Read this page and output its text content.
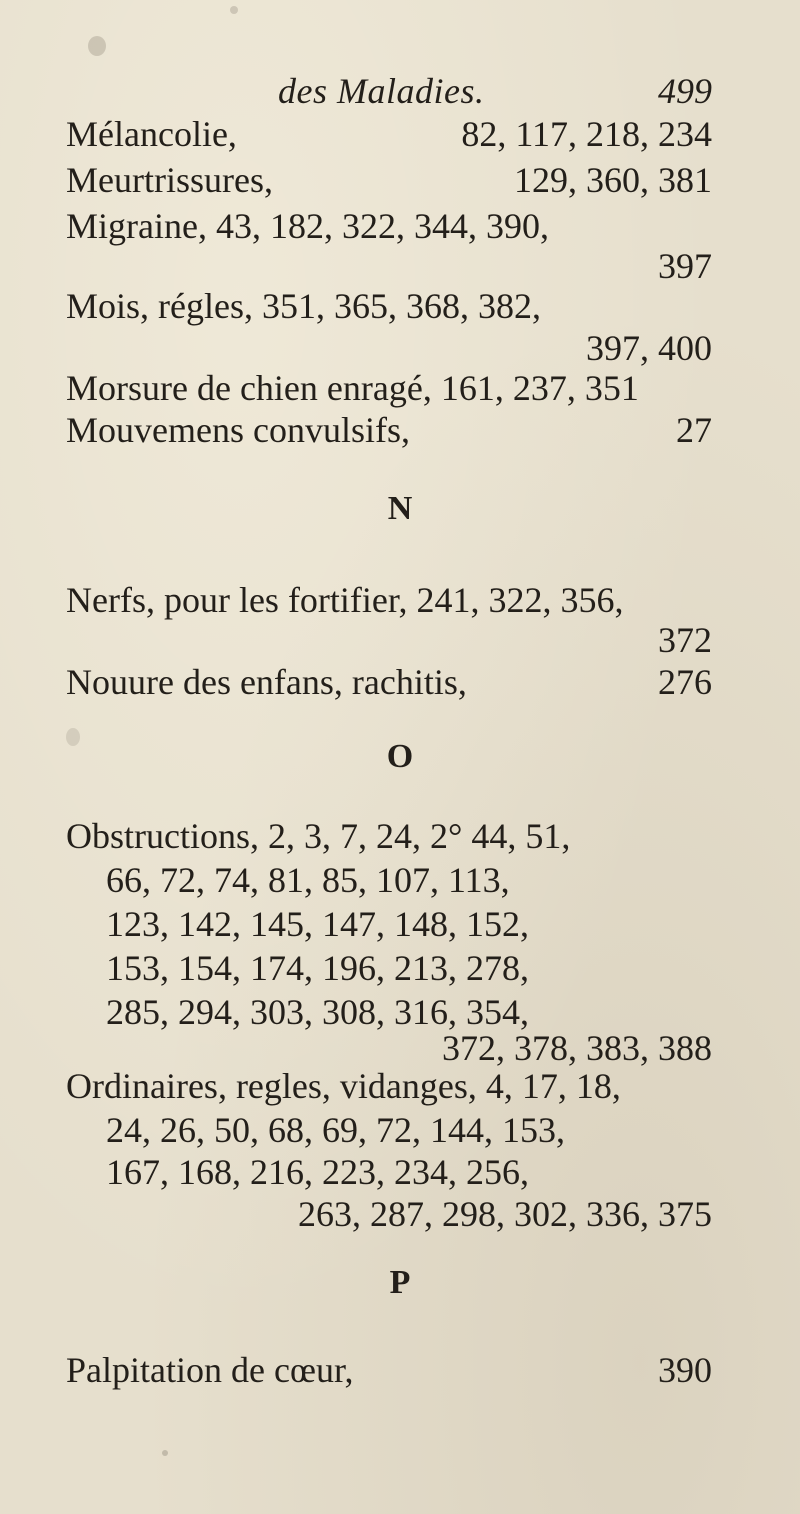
des Maladies.	499
Mélancolie,	82, 117, 218, 234
Meurtrissures,	129, 360, 381
Migraine, 43, 182, 322, 344, 390,
397
Mois, régles, 351, 365, 368, 382,
397, 400
Morsure de chien enragé, 161, 237, 351
Mouvemens convulsifs,	27
N
Nerfs, pour les fortifier, 241, 322, 356,
372
Nouure des enfans, rachitis,	276
O
Obstructions, 2, 3, 7, 24, 2° 44, 51,
66, 72, 74, 81, 85, 107, 113,
123, 142, 145, 147, 148, 152,
153, 154, 174, 196, 213, 278,
285, 294, 303, 308, 316, 354,
372, 378, 383, 388
Ordinaires, regles, vidanges, 4, 17, 18,
24, 26, 50, 68, 69, 72, 144, 153,
167, 168, 216, 223, 234, 256,
263, 287, 298, 302, 336, 375
P
Palpitation de cœur,	390
